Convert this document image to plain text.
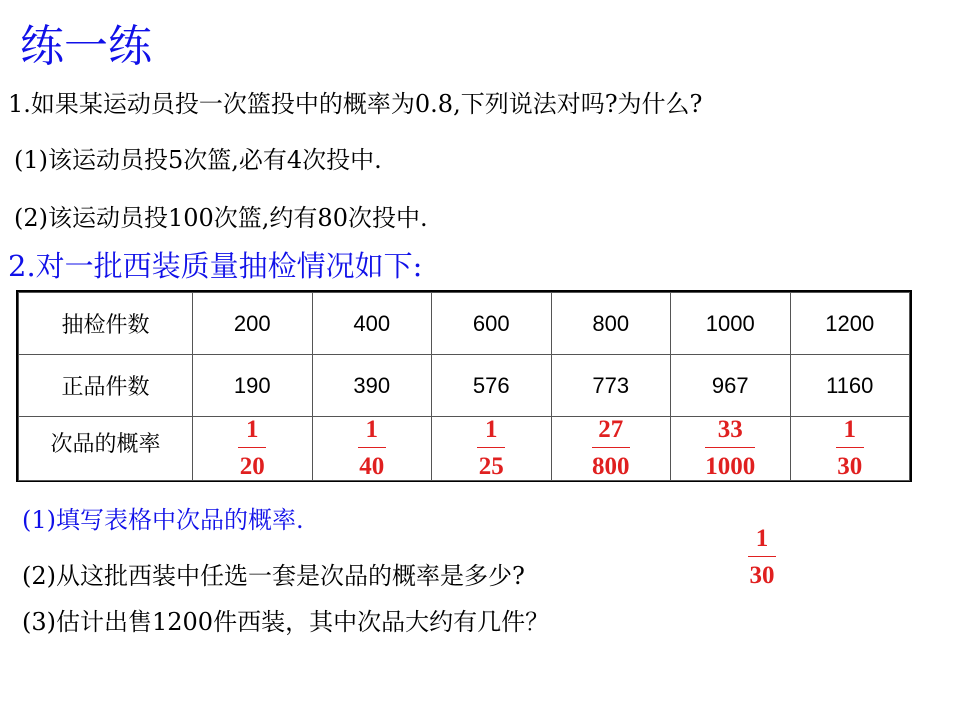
练一练
1.如果某运动员投一次篮投中的概率为0.8,下列说法对吗?为什么?
(1)该运动员投5次篮,必有4次投中.
(2)该运动员投100次篮,约有80次投中.
2.对一批西装质量抽检情况如下:
抽检件数	200	400	600	800	1000	1200
正品件数	190	390	576	773	967	1160
次品的概率	$\frac{1}{20}$	$\frac{1}{40}$	$\frac{1}{25}$	$\frac{27}{800}$	$\frac{33}{1000}$	$\frac{1}{30}$
(1)填写表格中次品的概率.
(2)从这批西装中任选一套是次品的概率是多少?
1
30
(3)估计出售1200件西装，其中次品大约有几件？
